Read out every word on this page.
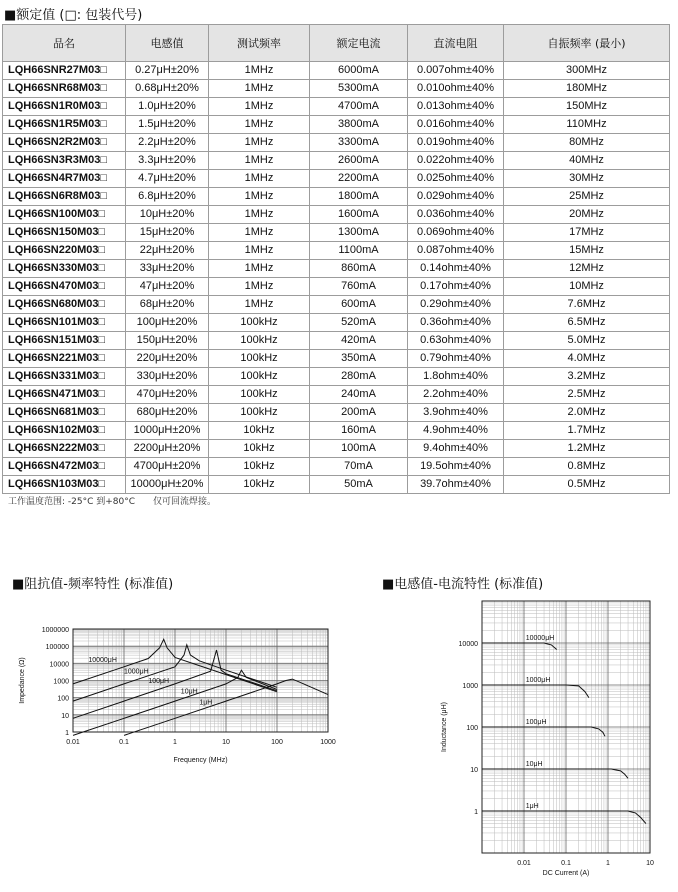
■额定值 (□: 包装代号)
品名	电感值	测试频率	额定电流	直流电阻	自振频率 (最小)
LQH66SNR27M03□	0.27μH±20%	1MHz	6000mA	0.007ohm±40%	300MHz
LQH66SNR68M03□	0.68μH±20%	1MHz	5300mA	0.010ohm±40%	180MHz
LQH66SN1R0M03□	1.0μH±20%	1MHz	4700mA	0.013ohm±40%	150MHz
LQH66SN1R5M03□	1.5μH±20%	1MHz	3800mA	0.016ohm±40%	110MHz
LQH66SN2R2M03□	2.2μH±20%	1MHz	3300mA	0.019ohm±40%	80MHz
LQH66SN3R3M03□	3.3μH±20%	1MHz	2600mA	0.022ohm±40%	40MHz
LQH66SN4R7M03□	4.7μH±20%	1MHz	2200mA	0.025ohm±40%	30MHz
LQH66SN6R8M03□	6.8μH±20%	1MHz	1800mA	0.029ohm±40%	25MHz
LQH66SN100M03□	10μH±20%	1MHz	1600mA	0.036ohm±40%	20MHz
LQH66SN150M03□	15μH±20%	1MHz	1300mA	0.069ohm±40%	17MHz
LQH66SN220M03□	22μH±20%	1MHz	1100mA	0.087ohm±40%	15MHz
LQH66SN330M03□	33μH±20%	1MHz	860mA	0.14ohm±40%	12MHz
LQH66SN470M03□	47μH±20%	1MHz	760mA	0.17ohm±40%	10MHz
LQH66SN680M03□	68μH±20%	1MHz	600mA	0.29ohm±40%	7.6MHz
LQH66SN101M03□	100μH±20%	100kHz	520mA	0.36ohm±40%	6.5MHz
LQH66SN151M03□	150μH±20%	100kHz	420mA	0.63ohm±40%	5.0MHz
LQH66SN221M03□	220μH±20%	100kHz	350mA	0.79ohm±40%	4.0MHz
LQH66SN331M03□	330μH±20%	100kHz	280mA	1.8ohm±40%	3.2MHz
LQH66SN471M03□	470μH±20%	100kHz	240mA	2.2ohm±40%	2.5MHz
LQH66SN681M03□	680μH±20%	100kHz	200mA	3.9ohm±40%	2.0MHz
LQH66SN102M03□	1000μH±20%	10kHz	160mA	4.9ohm±40%	1.7MHz
LQH66SN222M03□	2200μH±20%	10kHz	100mA	9.4ohm±40%	1.2MHz
LQH66SN472M03□	4700μH±20%	10kHz	70mA	19.5ohm±40%	0.8MHz
LQH66SN103M03□	10000μH±20%	10kHz	50mA	39.7ohm±40%	0.5MHz
工作温度范围: -25°C 到+80°C　　仅可回流焊接。
■阻抗值-频率特性 (标准值)	■电感值-电流特性 (标准值)
0.01	0.1	1	10	100	1000
1
10
100
1000
10000
100000
1000000
Frequency (MHz)
Impedance (Ω)	10000μH
1000μH
100μH
10μH
1μH
0.01	0.1	1	10
1
10
100
1000
10000
DC Current (A)
Inductance (μH)
10000μH
1000μH
100μH
10μH
1μH
